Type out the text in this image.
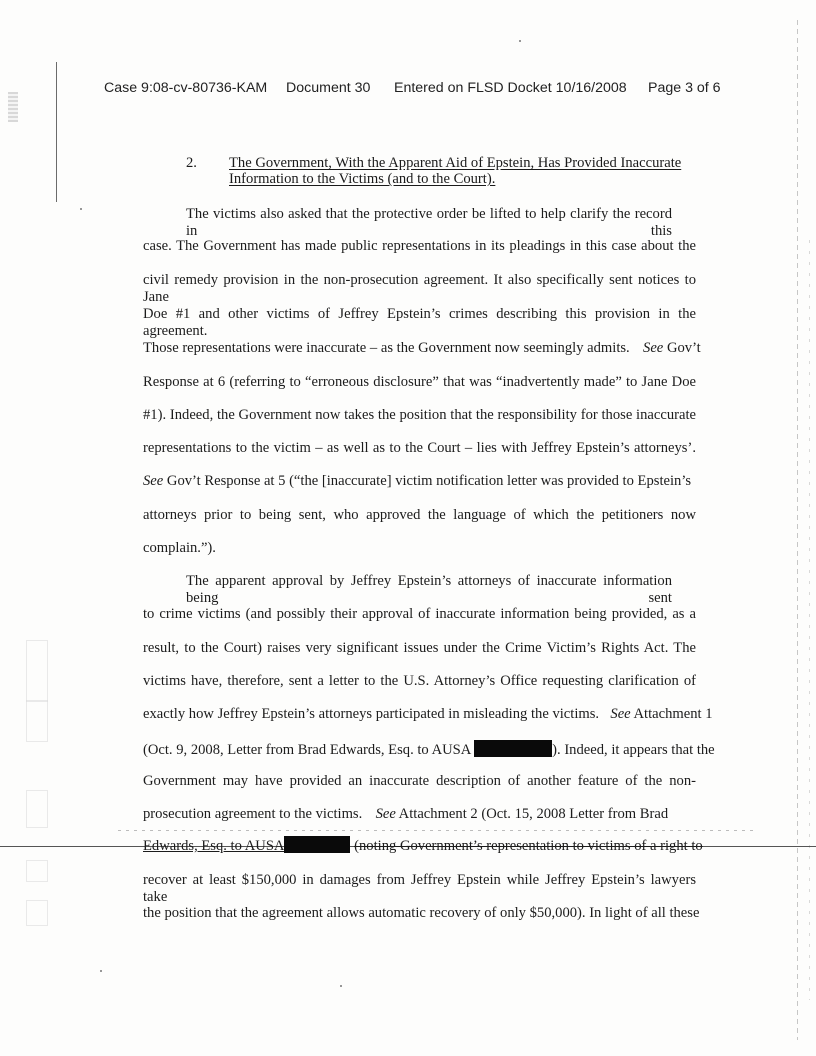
Case 9:08-cv-80736-KAM	Document 30	Entered on FLSD Docket 10/16/2008	Page 3 of 6
2. The Government, With the Apparent Aid of Epstein, Has Provided Inaccurate Information to the Victims (and to the Court).
The victims also asked that the protective order be lifted to help clarify the record in this
case. The Government has made public representations in its pleadings in this case about the
civil remedy provision in the non-prosecution agreement. It also specifically sent notices to Jane
Doe #1 and other victims of Jeffrey Epstein’s crimes describing this provision in the agreement.
Those representations were inaccurate – as the Government now seemingly admits. See Gov’t
Response at 6 (referring to “erroneous disclosure” that was “inadvertently made” to Jane Doe
#1). Indeed, the Government now takes the position that the responsibility for those inaccurate
representations to the victim – as well as to the Court – lies with Jeffrey Epstein’s attorneys’.
See Gov’t Response at 5 (“the [inaccurate] victim notification letter was provided to Epstein’s
attorneys prior to being sent, who approved the language of which the petitioners now
complain.”).
The apparent approval by Jeffrey Epstein’s attorneys of inaccurate information being sent
to crime victims (and possibly their approval of inaccurate information being provided, as a
result, to the Court) raises very significant issues under the Crime Victim’s Rights Act. The
victims have, therefore, sent a letter to the U.S. Attorney’s Office requesting clarification of
exactly how Jeffrey Epstein’s attorneys participated in misleading the victims. See Attachment 1
(Oct. 9, 2008, Letter from Brad Edwards, Esq. to AUSA	). Indeed, it appears that the
Government may have provided an inaccurate description of another feature of the non-
prosecution agreement to the victims. See Attachment 2 (Oct. 15, 2008 Letter from Brad
Edwards, Esq. to AUSA	(noting Government’s representation to victims of a right to
recover at least $150,000 in damages from Jeffrey Epstein while Jeffrey Epstein’s lawyers take
the position that the agreement allows automatic recovery of only $50,000). In light of all these
